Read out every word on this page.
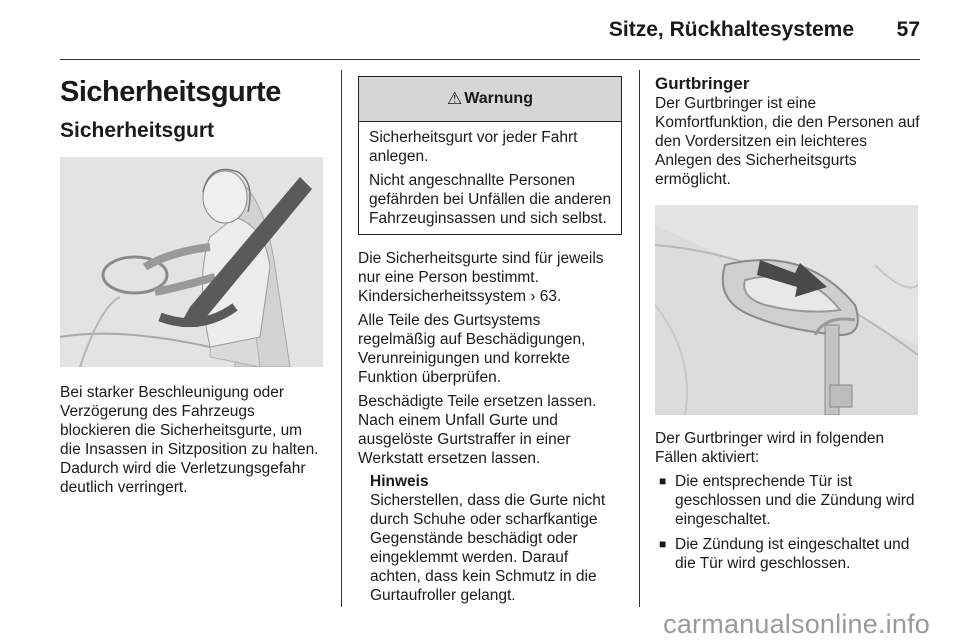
Sitze, Rückhaltesysteme 57
Sicherheitsgurte
Sicherheitsgurt

Bei starker Beschleunigung oder Verzögerung des Fahrzeugs blockieren die Sicherheitsgurte, um die Insassen in Sitzposition zu halten. Dadurch wird die Verletzungsgefahr deutlich verringert.

⚠ Warnung

Sicherheitsgurt vor jeder Fahrt anlegen.

Nicht angeschnallte Personen gefährden bei Unfällen die anderen Fahrzeuginsassen und sich selbst.

Die Sicherheitsgurte sind für jeweils nur eine Person bestimmt. Kindersicherheitssystem › 63.

Alle Teile des Gurtsystems regelmäßig auf Beschädigungen, Verunreinigungen und korrekte Funktion überprüfen.

Beschädigte Teile ersetzen lassen. Nach einem Unfall Gurte und ausgelöste Gurtstraffer in einer Werkstatt ersetzen lassen.

Hinweis

Sicherstellen, dass die Gurte nicht durch Schuhe oder scharfkantige Gegenstände beschädigt oder eingeklemmt werden. Darauf achten, dass kein Schmutz in die Gurtaufroller gelangt.

Gurtbringer

Der Gurtbringer ist eine Komfortfunktion, die den Personen auf den Vordersitzen ein leichteres Anlegen des Sicherheitsgurts ermöglicht.

Der Gurtbringer wird in folgenden Fällen aktiviert:

■ Die entsprechende Tür ist geschlossen und die Zündung wird eingeschaltet.
■ Die Zündung ist eingeschaltet und die Tür wird geschlossen.
carmanualsonline.info
